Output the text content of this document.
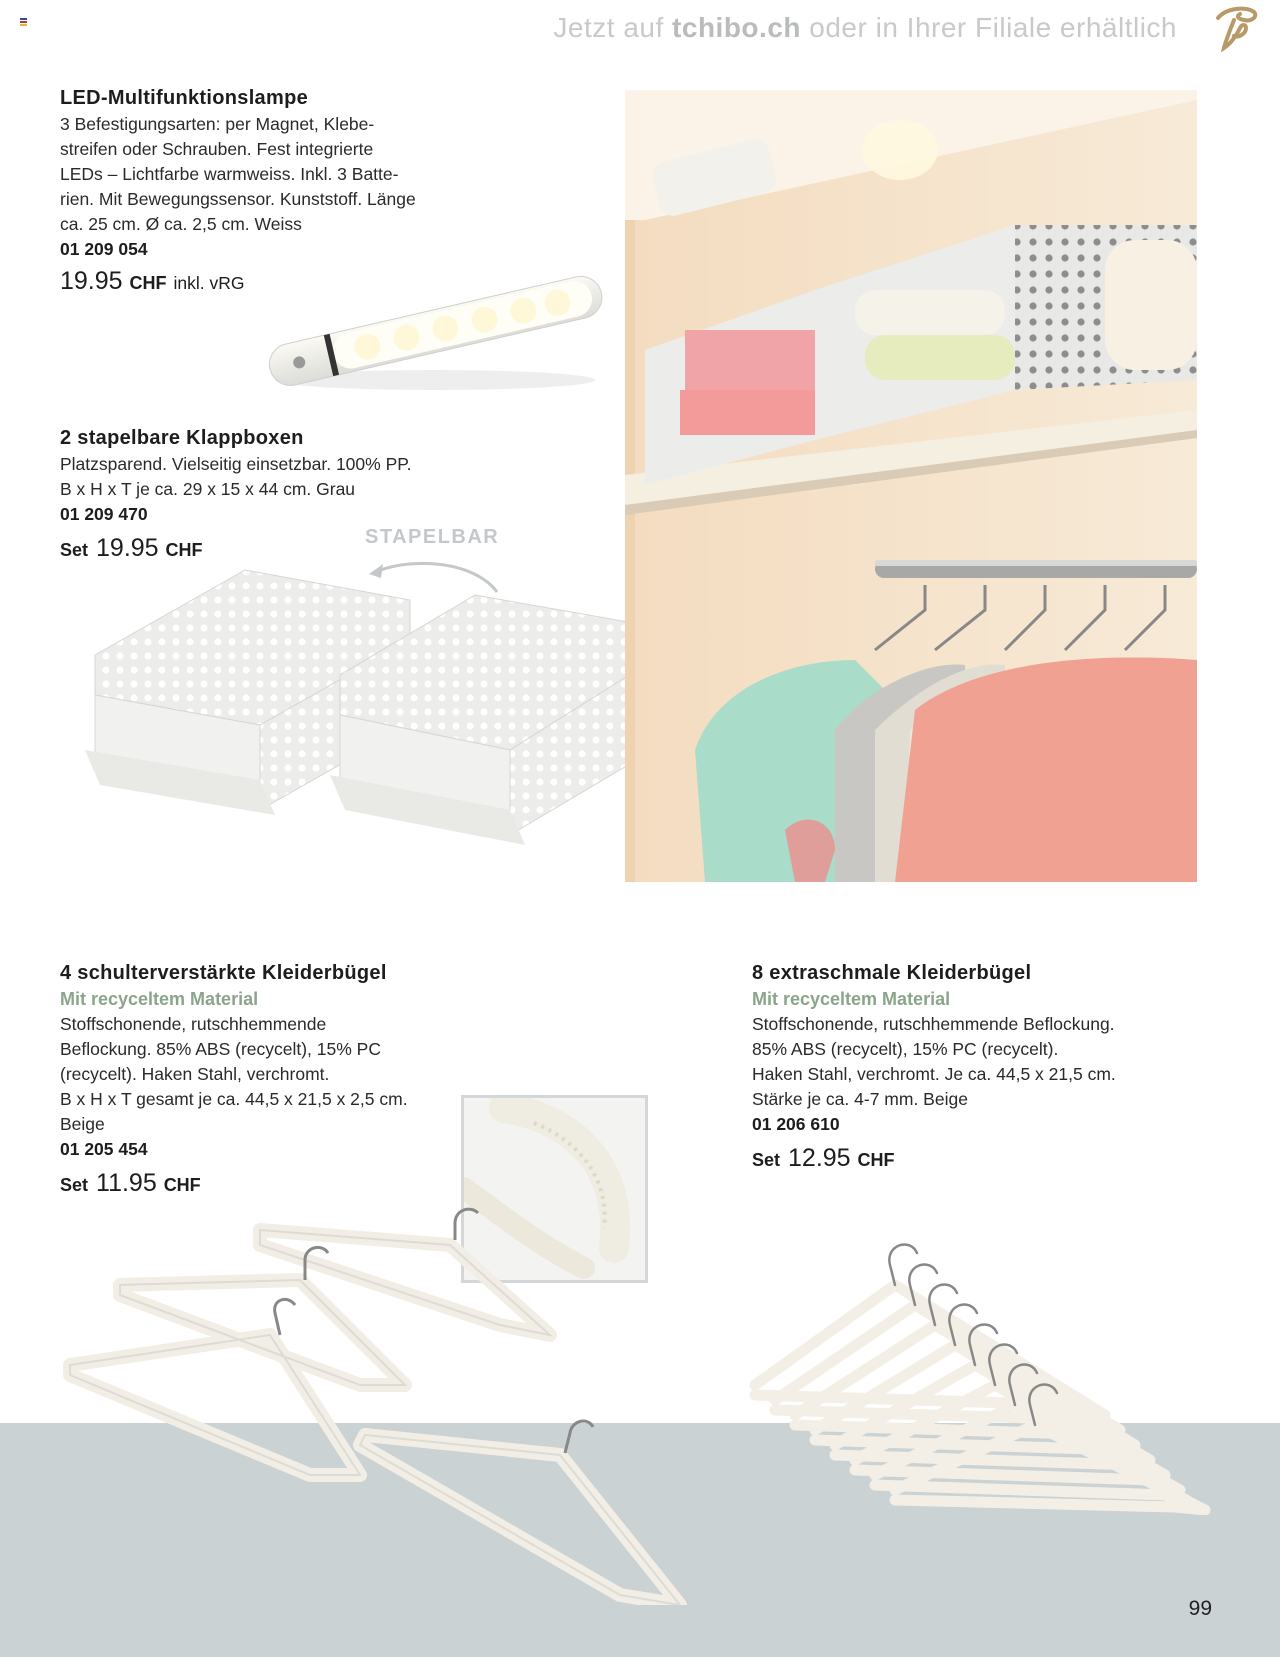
Jetzt auf tchibo.ch oder in Ihrer Filiale erhältlich
LED-Multifunktionslampe
3 Befestigungsarten: per Magnet, Klebe-
streifen oder Schrauben. Fest integrierte
LEDs – Lichtfarbe warmweiss. Inkl. 3 Batte-
rien. Mit Bewegungssensor. Kunststoff. Länge
ca. 25 cm. Ø ca. 2,5 cm. Weiss
01 209 054
19.95 CHF inkl. vRG
2 stapelbare Klappboxen
Platzsparend. Vielseitig einsetzbar. 100% PP.
B x H x T je ca. 29 x 15 x 44 cm. Grau
01 209 470
Set 19.95 CHF
STAPELBAR
4 schulterverstärkte Kleiderbügel
Mit recyceltem Material
Stoffschonende, rutschhemmende
Beflockung. 85% ABS (recycelt), 15% PC
(recycelt). Haken Stahl, verchromt.
B x H x T gesamt je ca. 44,5 x 21,5 x 2,5 cm.
Beige
01 205 454
Set 11.95 CHF
8 extraschmale Kleiderbügel
Mit recyceltem Material
Stoffschonende, rutschhemmende Beflockung.
85% ABS (recycelt), 15% PC (recycelt).
Haken Stahl, verchromt. Je ca. 44,5 x 21,5 cm.
Stärke je ca. 4-7 mm. Beige
01 206 610
Set 12.95 CHF
99
